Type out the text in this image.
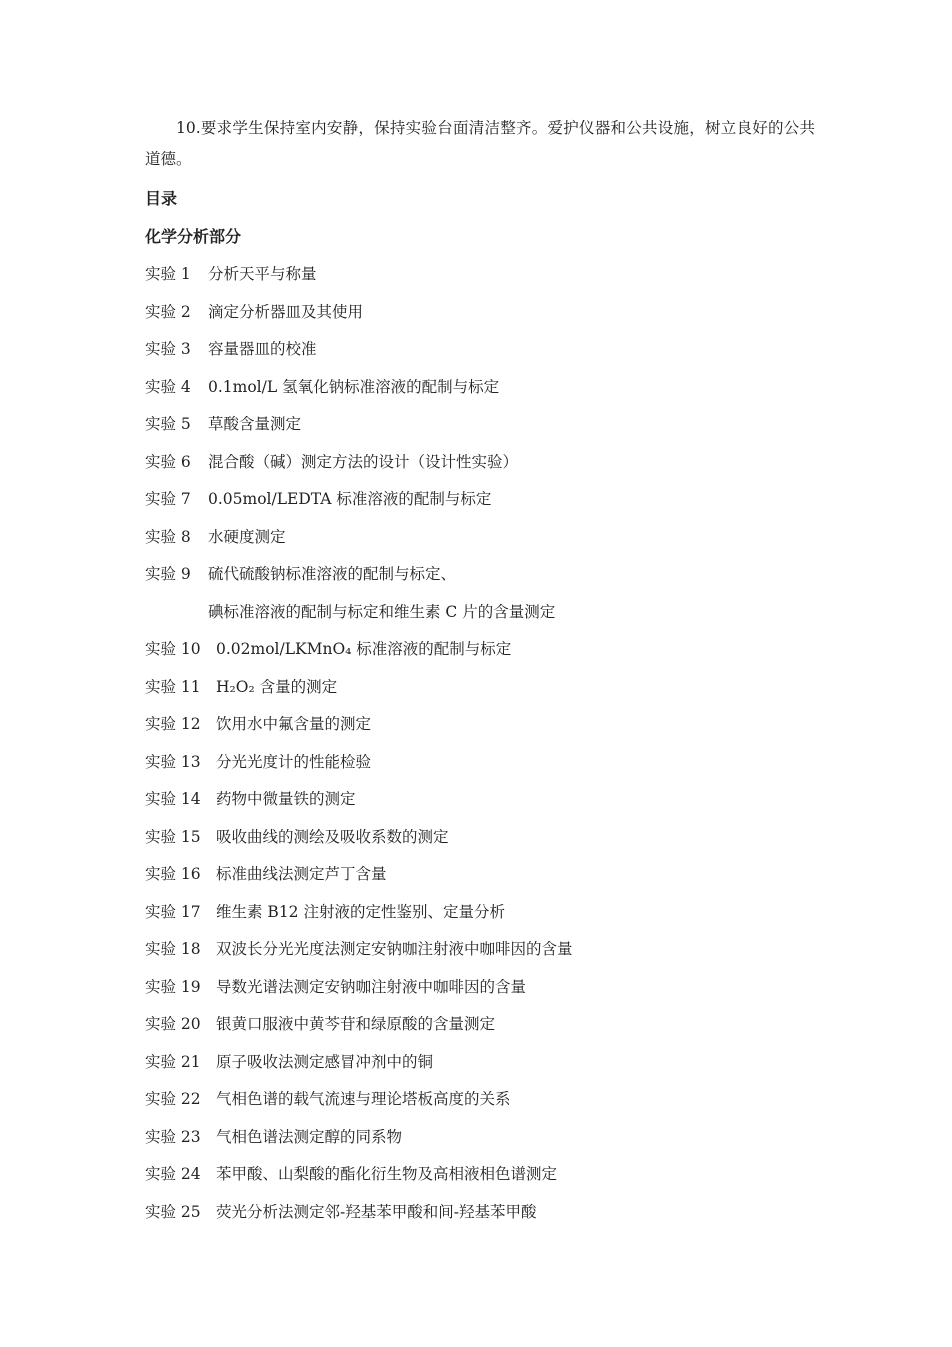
10.要求学生保持室内安静，保持实验台面清洁整齐。爱护仪器和公共设施，树立良好的公共道德。

目录
化学分析部分
实验 1	分析天平与称量
实验 2	滴定分析器皿及其使用
实验 3	容量器皿的校准
实验 4	0.1mol/L 氢氧化钠标准溶液的配制与标定
实验 5	草酸含量测定
实验 6	混合酸（碱）测定方法的设计（设计性实验）
实验 7	0.05mol/LEDTA 标准溶液的配制与标定
实验 8	水硬度测定
实验 9	硫代硫酸钠标准溶液的配制与标定、
碘标准溶液的配制与标定和维生素 C 片的含量测定
实验 10 0.02mol/LKMnO₄ 标准溶液的配制与标定
实验 11 H₂O₂ 含量的测定
实验 12 饮用水中氟含量的测定
实验 13 分光光度计的性能检验
实验 14 药物中微量铁的测定
实验 15 吸收曲线的测绘及吸收系数的测定
实验 16 标准曲线法测定芦丁含量
实验 17 维生素 B12 注射液的定性鉴别、定量分析
实验 18 双波长分光光度法测定安钠咖注射液中咖啡因的含量
实验 19 导数光谱法测定安钠咖注射液中咖啡因的含量
实验 20 银黄口服液中黄芩苷和绿原酸的含量测定
实验 21 原子吸收法测定感冒冲剂中的铜
实验 22 气相色谱的载气流速与理论塔板高度的关系
实验 23 气相色谱法测定醇的同系物
实验 24 苯甲酸、山梨酸的酯化衍生物及高相液相色谱测定
实验 25 荧光分析法测定邻-羟基苯甲酸和间-羟基苯甲酸
